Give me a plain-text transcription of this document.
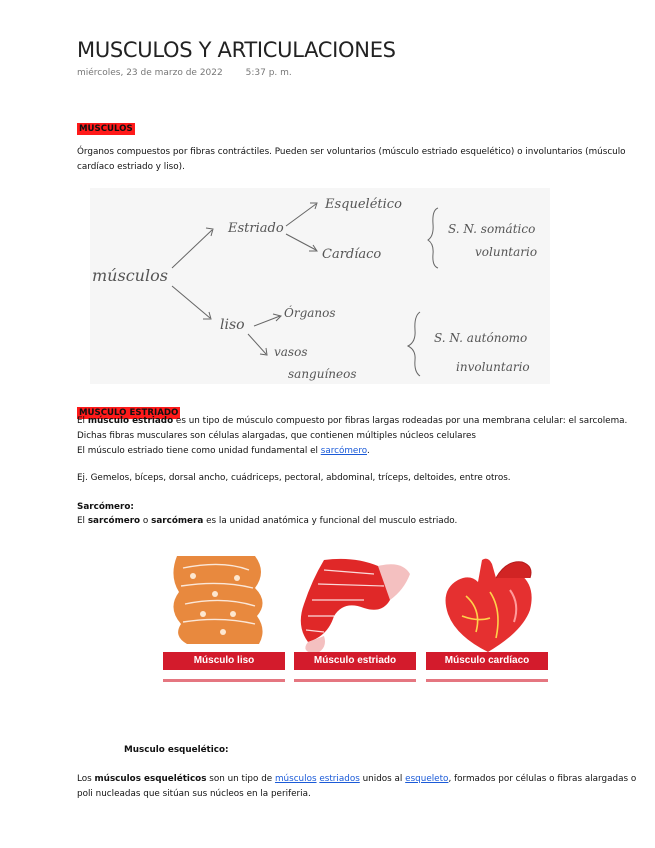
MUSCULOS Y ARTICULACIONES
miércoles, 23 de marzo de 2022	5:37 p. m.
MUSCULOS
Órganos compuestos por fibras contráctiles. Pueden ser voluntarios (músculo estriado esquelético) o involuntarios (músculo cardíaco estriado y liso).
músculos
Estriado
Esquelético
Cardíaco
S. N. somático
voluntario
liso
Órganos
vasos
sanguíneos
S. N. autónomo
involuntario
MUSCULO ESTRIADO
El músculo estriado es un tipo de músculo compuesto por fibras largas rodeadas por una membrana celular: el sarcolema. Dichas fibras musculares son células alargadas, que contienen múltiples núcleos celulares
El músculo estriado tiene como unidad fundamental el sarcómero.
Ej. Gemelos, bíceps, dorsal ancho, cuádriceps, pectoral, abdominal, tríceps, deltoides, entre otros.
Sarcómero:
El sarcómero o sarcómera es la unidad anatómica y funcional del musculo estriado.
Músculo liso	Músculo estriado	Músculo cardíaco
Musculo esquelético:
Los músculos esqueléticos son un tipo de músculos estriados unidos al esqueleto, formados por células o fibras alargadas o poli nucleadas que sitúan sus núcleos en la periferia.
